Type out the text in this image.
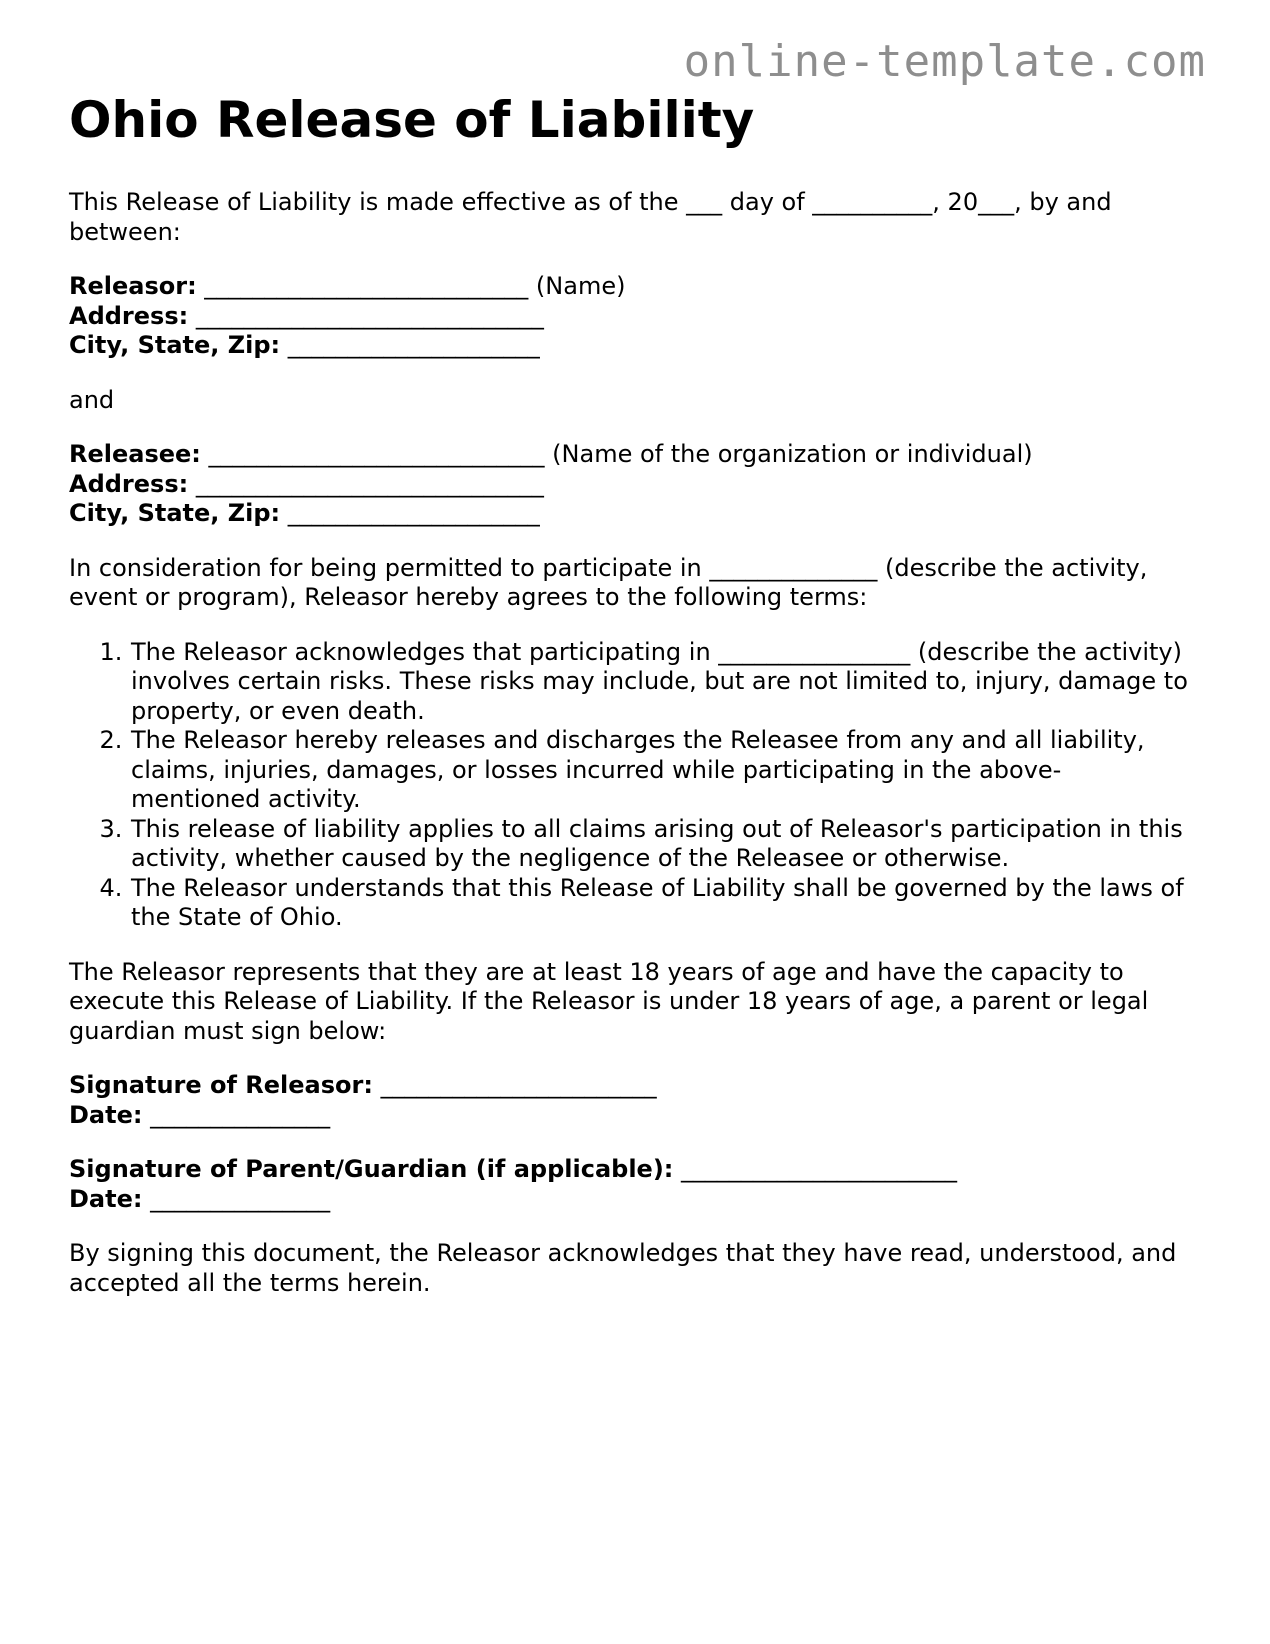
online-template.com
Ohio Release of Liability

This Release of Liability is made effective as of the ___ day of __________, 20___, by and between:

Releasor: ___________________________ (Name)
Address: _____________________________
City, State, Zip: _____________________

and

Releasee: ____________________________ (Name of the organization or individual)
Address: _____________________________
City, State, Zip: _____________________

In consideration for being permitted to participate in ______________ (describe the activity, event or program), Releasor hereby agrees to the following terms:

1. The Releasor acknowledges that participating in ________________ (describe the activity) involves certain risks. These risks may include, but are not limited to, injury, damage to property, or even death.
2. The Releasor hereby releases and discharges the Releasee from any and all liability, claims, injuries, damages, or losses incurred while participating in the above-mentioned activity.
3. This release of liability applies to all claims arising out of Releasor's participation in this activity, whether caused by the negligence of the Releasee or otherwise.
4. The Releasor understands that this Release of Liability shall be governed by the laws of the State of Ohio.

The Releasor represents that they are at least 18 years of age and have the capacity to execute this Release of Liability. If the Releasor is under 18 years of age, a parent or legal guardian must sign below:

Signature of Releasor: _______________________
Date: _______________
Signature of Parent/Guardian (if applicable): _______________________
Date: _______________

By signing this document, the Releasor acknowledges that they have read, understood, and accepted all the terms herein.
